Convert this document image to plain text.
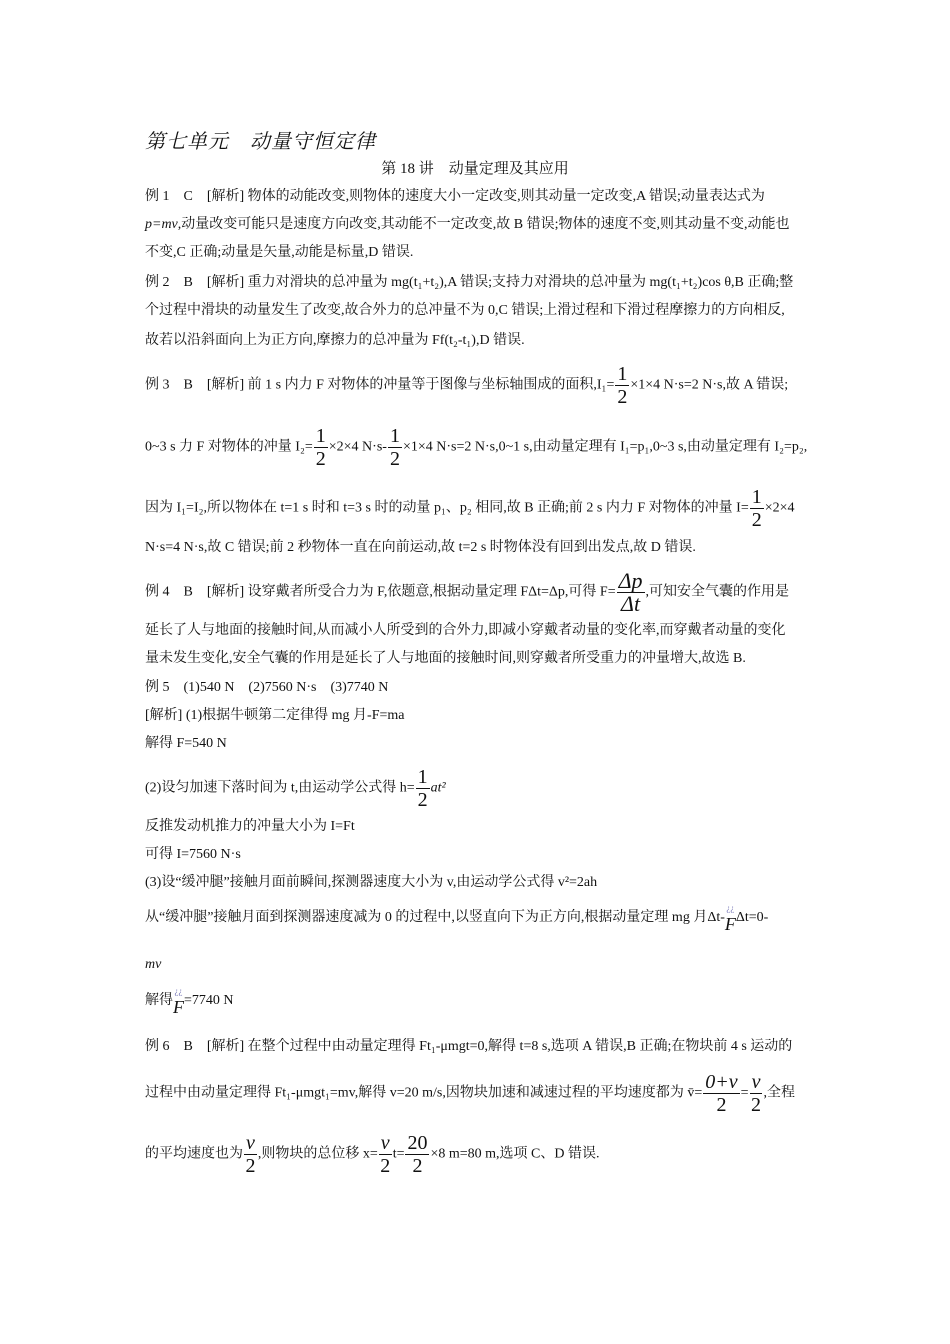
第七单元　动量守恒定律
第 18 讲　动量定理及其应用
例 1　C　[解析] 物体的动能改变,则物体的速度大小一定改变,则其动量一定改变,A 错误;动量表达式为
p=mv,动量改变可能只是速度方向改变,其动能不一定改变,故 B 错误;物体的速度不变,则其动量不变,动能也
不变,C 正确;动量是矢量,动能是标量,D 错误.
例 2　B　[解析] 重力对滑块的总冲量为 mg(t₁+t₂),A 错误;支持力对滑块的总冲量为 mg(t₁+t₂)cos θ,B 正确;整
个过程中滑块的动量发生了改变,故合外力的总冲量不为 0,C 错误;上滑过程和下滑过程摩擦力的方向相反,
故若以沿斜面向上为正方向,摩擦力的总冲量为 Ff(t₂-t₁),D 错误.
例 3　B　[解析] 前 1 s 内力 F 对物体的冲量等于图像与坐标轴围成的面积$,I_1= \frac{1}{2} \times 1\times 4$ N·s=2 N·s,故 A 错误;
0~3 s 力 F 对物体的冲量 $I_2= \frac{1}{2} \times 2\times 4$ $N\cdot s- \frac{1}{2} \times 1\times 4$ N·s=2 N·s,0~1 s,由动量定理有 I₁=p₁,0~3 s,由动量定理有 I₂=p₂,
因为 I₁=I₂,所以物体在 t=1 s 时和 t=3 s 时的动量 p₁、p₂ 相同,故 B 正确;前 2 s 内力 F 对物体的冲量 $I= \frac{1}{2} \times 2\times 4$
N·s=4 N·s,故 C 错误;前 2 秒物体一直在向前运动,故 t=2 s 时物体没有回到出发点,故 D 错误.
例 4　B　[解析] 设穿戴者所受合力为 F,依题意,根据动量定理 FΔt=Δp,可得 $F= \frac{\Delta p}{\Delta t}$ ,可知安全气囊的作用是
延长了人与地面的接触时间,从而减小人所受到的合外力,即减小穿戴者动量的变化率,而穿戴者动量的变化
量未发生变化,安全气囊的作用是延长了人与地面的接触时间,则穿戴者所受重力的冲量增大,故选 B.
例 5　(1)540 N　(2)7560 N·s　(3)7740 N
[解析] (1)根据牛顿第二定律得 mg 月-F=ma
解得 F=540 N
(2)设匀加速下落时间为 t,由运动学公式得 $h= \frac{1}{2} at^2$
反推发动机推力的冲量大小为 I=Ft
可得 I=7560 N·s
(3)设“缓冲腿”接触月面前瞬间,探测器速度大小为 v,由运动学公式得 v²=2ah
从“缓冲腿”接触月面到探测器速度减为 0 的过程中,以竖直向下为正方向,根据动量定理 mg 月Δt-
¿¿
F Δt=0-
mv
解得
¿¿
F =7740 N
例 6　B　[解析] 在整个过程中由动量定理得 Ft₁-μmgt=0,解得 t=8 s,选项 A 错误,B 正确;在物块前 4 s 运动的
过程中由动量定理得 Ft₁-μmgt₁=mv,解得 v=20 m/s,因物块加速和减速过程的平均速度都为 v̄= $\frac{0+v}{2} = \frac{v}{2}$ ,全程
的平均速度也为 $\frac{v}{2}$ ,则物块的总位移 $x= \frac{v}{2} t= \frac{20}{2} \times 8$ m=80 m,选项 C、D 错误.
